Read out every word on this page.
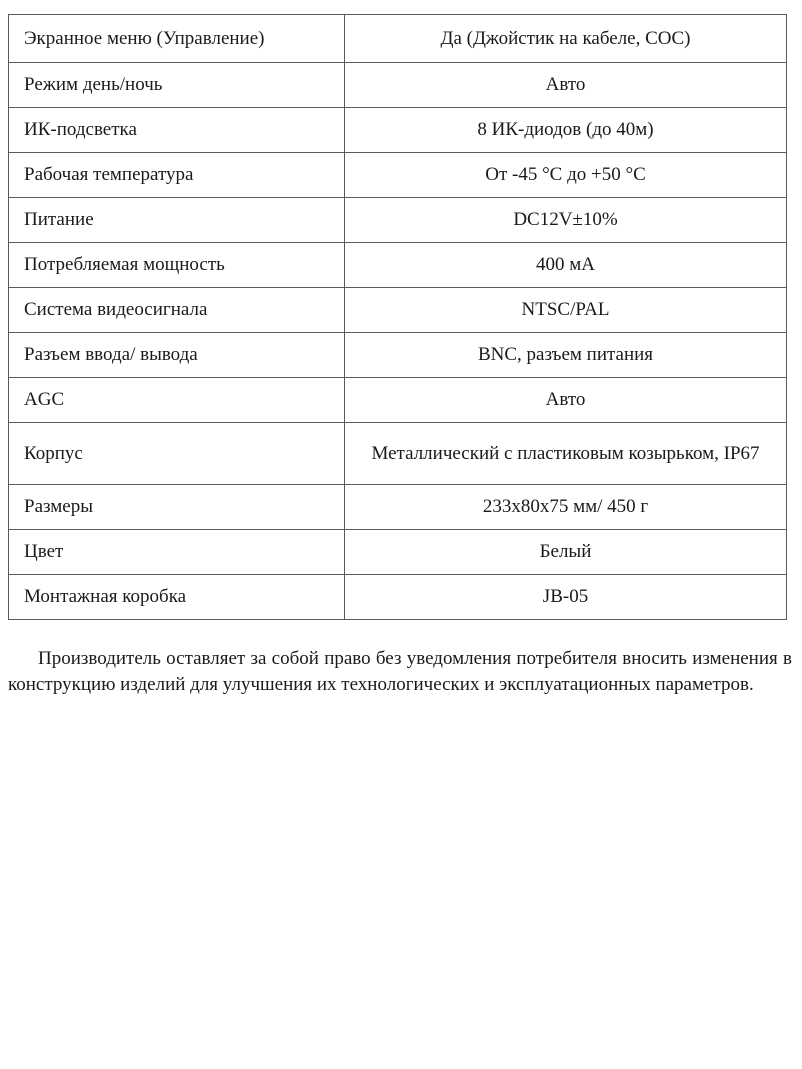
Экранное меню (Управление)	Да (Джойстик на кабеле, COC)
Режим день/ночь	Авто
ИК-подсветка	8 ИК-диодов (до 40м)
Рабочая температура	От -45 °C до +50 °C
Питание	DC12V±10%
Потребляемая мощность	400 мА
Система видеосигнала	NTSC/PAL
Разъем ввода/ вывода	BNC, разъем питания
AGC	Авто
Корпус	Металлический с пластиковым козырьком, IP67
Размеры	233х80х75 мм/ 450 г
Цвет	Белый
Монтажная коробка	JB-05

Производитель оставляет за собой право без уведомления потребителя вносить изменения в конструкцию изделий для улучшения их технологических и эксплуатационных параметров.
